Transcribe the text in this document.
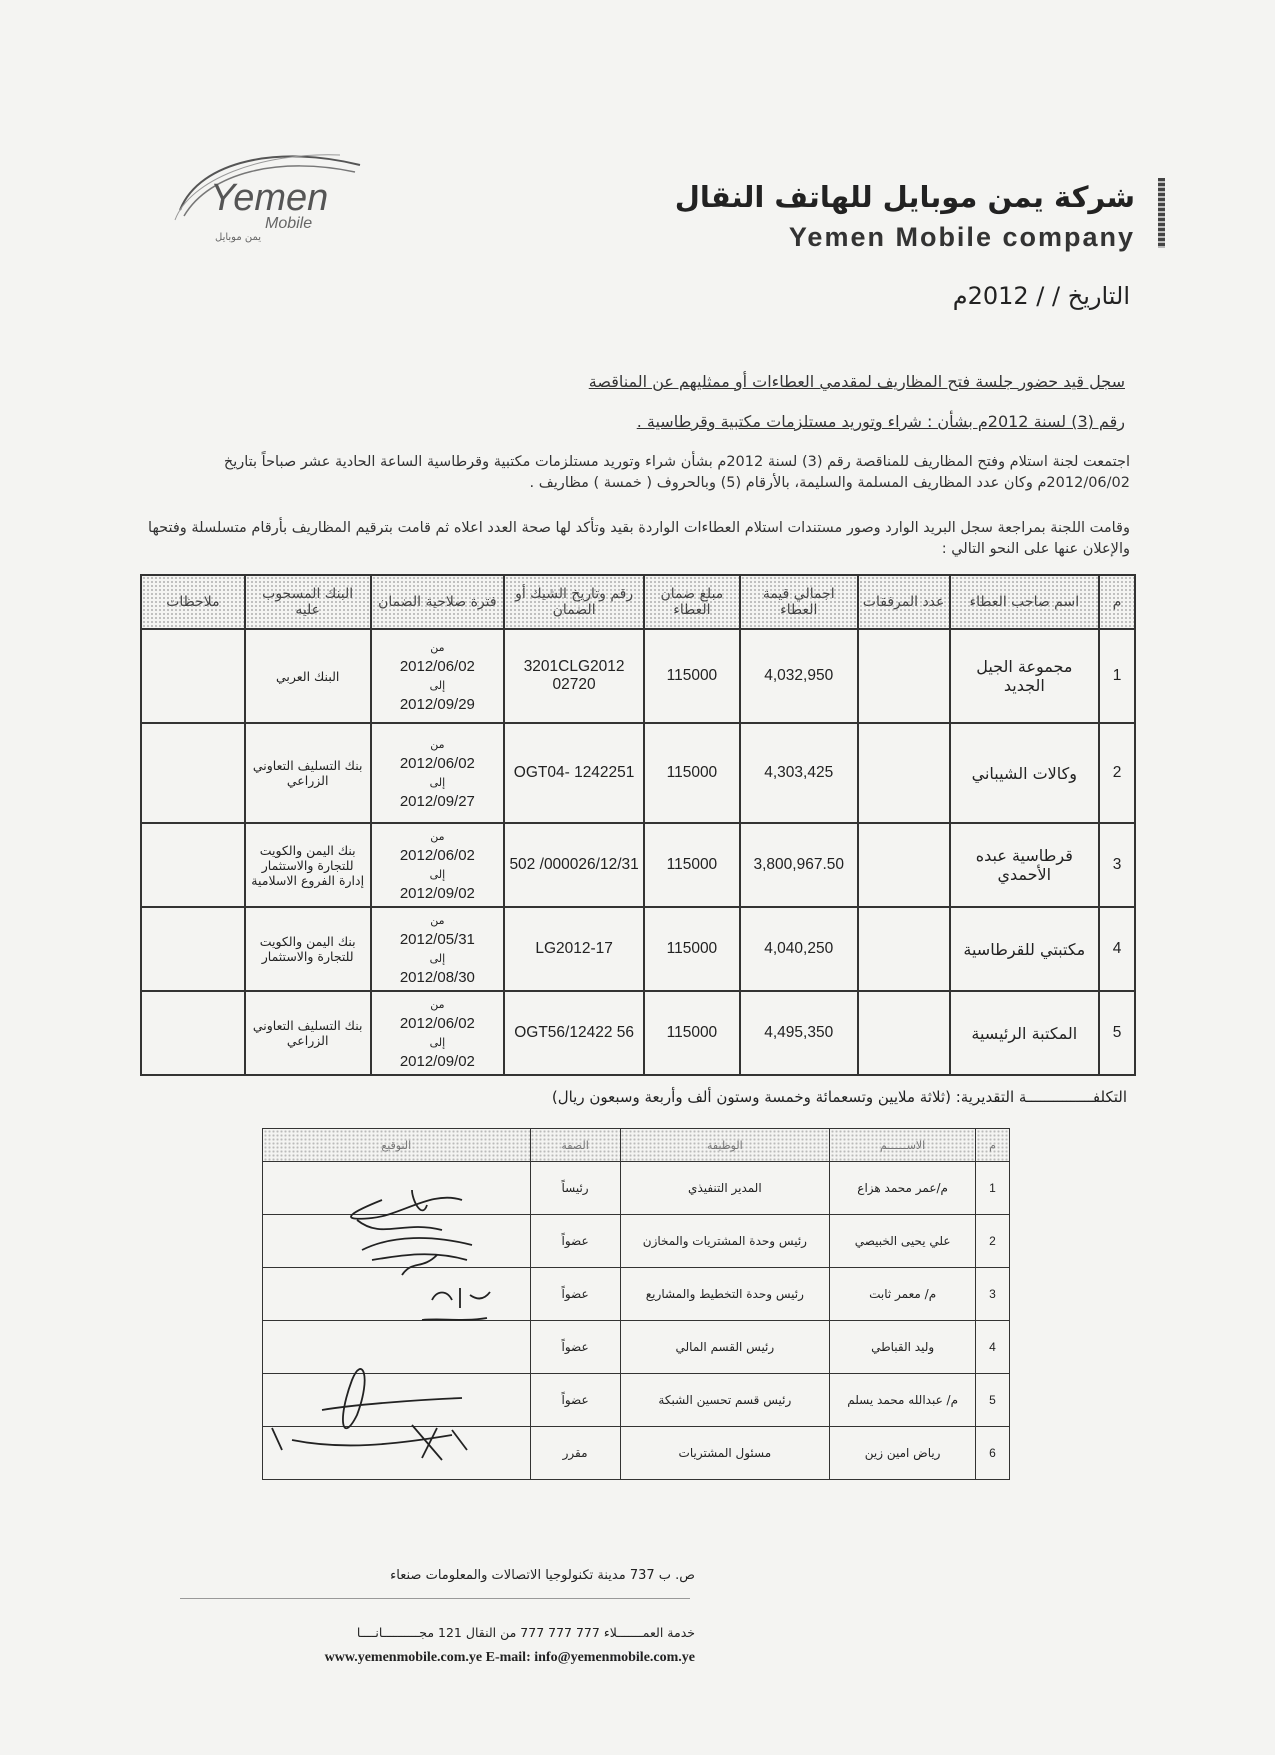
Yemen
Mobile
يمن موبايل
شركة يمن موبايل للهاتف النقال
Yemen Mobile company
التاريخ / / 2012م
سجل قيد حضور جلسة فتح المظاريف لمقدمي العطاءات أو ممثليهم عن المناقصة
رقم (3) لسنة 2012م بشأن : شراء وتوريد مستلزمات مكتبية وقرطاسية .
اجتمعت لجنة استلام وفتح المظاريف للمناقصة رقم (3) لسنة 2012م بشأن شراء وتوريد مستلزمات مكتبية وقرطاسية الساعة الحادية عشر صباحاً بتاريخ 2012/06/02م وكان عدد المظاريف المسلمة والسليمة، بالأرقام (5) وبالحروف ( خمسة ) مظاريف .
وقامت اللجنة بمراجعة سجل البريد الوارد وصور مستندات استلام العطاءات الواردة بقيد وتأكد لها صحة العدد اعلاه ثم قامت بترقيم المظاريف بأرقام متسلسلة وفتحها والإعلان عنها على النحو التالي :
م	اسم صاحب العطاء	عدد المرفقات	اجمالي قيمة العطاء	مبلغ ضمان العطاء	رقم وتاريخ الشيك أو الضمان	فترة صلاحية الضمان	البنك المسحوب عليه	ملاحظات
1	مجموعة الجيل الجديد		4,032,950	115000	3201CLG2012 02720	من
2012/06/02
إلى
2012/09/29	البنك العربي	
2	وكالات الشيباني		4,303,425	115000	OGT04- 1242251	من
2012/06/02
إلى
2012/09/27	بنك التسليف التعاوني الزراعي	
3	قرطاسية عبده الأحمدي		3,800,967.50	115000	000026/12/31/ 502	من
2012/06/02
إلى
2012/09/02	بنك اليمن والكويت للتجارة والاستثمار إدارة الفروع الاسلامية	
4	مكتبتي للقرطاسية		4,040,250	115000	LG2012-17	من
2012/05/31
إلى
2012/08/30	بنك اليمن والكويت للتجارة والاستثمار	
5	المكتبة الرئيسية		4,495,350	115000	OGT56/12422 56	من
2012/06/02
إلى
2012/09/02	بنك التسليف التعاوني الزراعي	
التكلفـــــــــــــــة التقديرية: (ثلاثة ملايين وتسعمائة وخمسة وستون ألف وأربعة وسبعون ريال)
م	الاســــــم	الوظيفة	الصفة	التوقيع
1	م/عمر محمد هزاع	المدير التنفيذي	رئيساً	
2	علي يحيى الخبيصي	رئيس وحدة المشتريات والمخازن	عضواً	
3	م/ معمر ثابت	رئيس وحدة التخطيط والمشاريع	عضواً	
4	وليد القباطي	رئيس القسم المالي	عضواً	
5	م/ عبدالله محمد يسلم	رئيس قسم تحسين الشبكة	عضواً	
6	رياض امين زين	مسئول المشتريات	مقرر	
ص. ب 737 مدينة تكنولوجيا الاتصالات والمعلومات صنعاء
خدمة العمـــــــلاء 777 777 777 من النقال 121 مجــــــــــانــــا
www.yemenmobile.com.ye E-mail: info@yemenmobile.com.ye
